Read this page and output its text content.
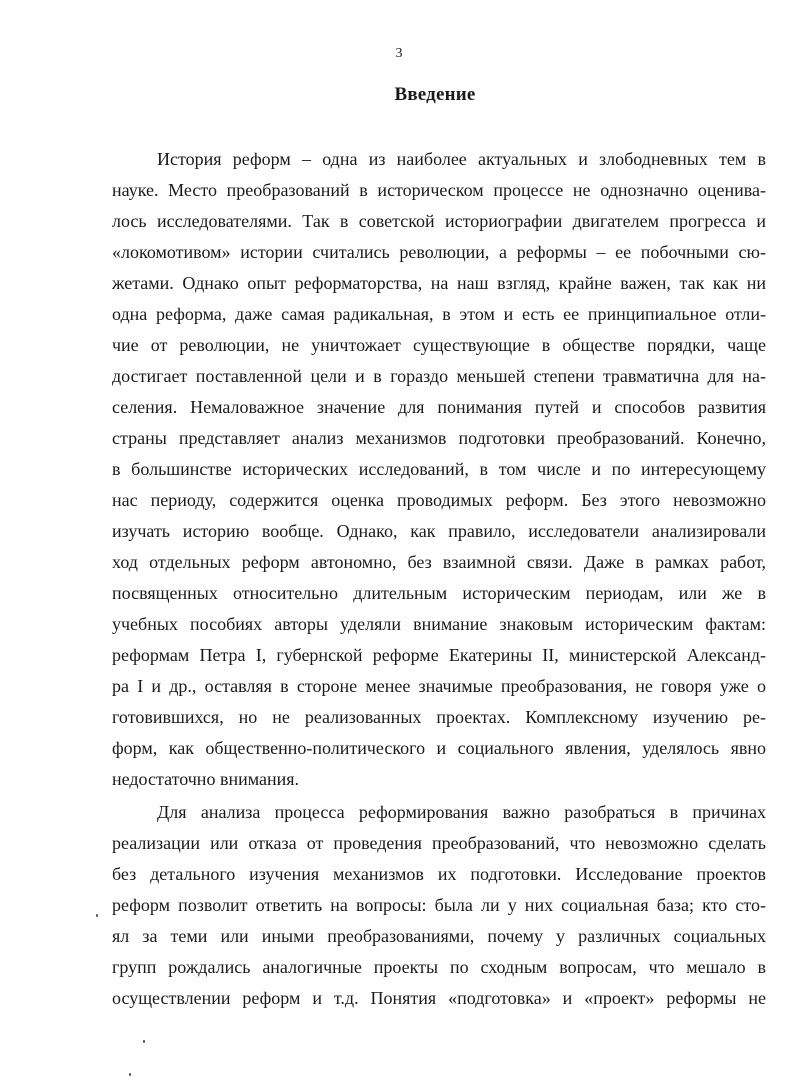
3
Введение
История реформ – одна из наиболее актуальных и злободневных тем в
науке. Место преобразований в историческом процессе не однозначно оценива-
лось исследователями. Так в советской историографии двигателем прогресса и
«локомотивом» истории считались революции, а реформы – ее побочными сю-
жетами. Однако опыт реформаторства, на наш взгляд, крайне важен, так как ни
одна реформа, даже самая радикальная, в этом и есть ее принципиальное отли-
чие от революции, не уничтожает существующие в обществе порядки, чаще
достигает поставленной цели и в гораздо меньшей степени травматична для на-
селения. Немаловажное значение для понимания путей и способов развития
страны представляет анализ механизмов подготовки преобразований. Конечно,
в большинстве исторических исследований, в том числе и по интересующему
нас периоду, содержится оценка проводимых реформ. Без этого невозможно
изучать историю вообще. Однако, как правило, исследователи анализировали
ход отдельных реформ автономно, без взаимной связи. Даже в рамках работ,
посвященных относительно длительным историческим периодам, или же в
учебных пособиях авторы уделяли внимание знаковым историческим фактам:
реформам Петра I, губернской реформе Екатерины II, министерской Александ-
ра I и др., оставляя в стороне менее значимые преобразования, не говоря уже о
готовившихся, но не реализованных проектах. Комплексному изучению ре-
форм, как общественно-политического и социального явления, уделялось явно
недостаточно внимания.
Для анализа процесса реформирования важно разобраться в причинах
реализации или отказа от проведения преобразований, что невозможно сделать
без детального изучения механизмов их подготовки. Исследование проектов
реформ позволит ответить на вопросы: была ли у них социальная база; кто сто-
ял за теми или иными преобразованиями, почему у различных социальных
групп рождались аналогичные проекты по сходным вопросам, что мешало в
осуществлении реформ и т.д. Понятия «подготовка» и «проект» реформы не
